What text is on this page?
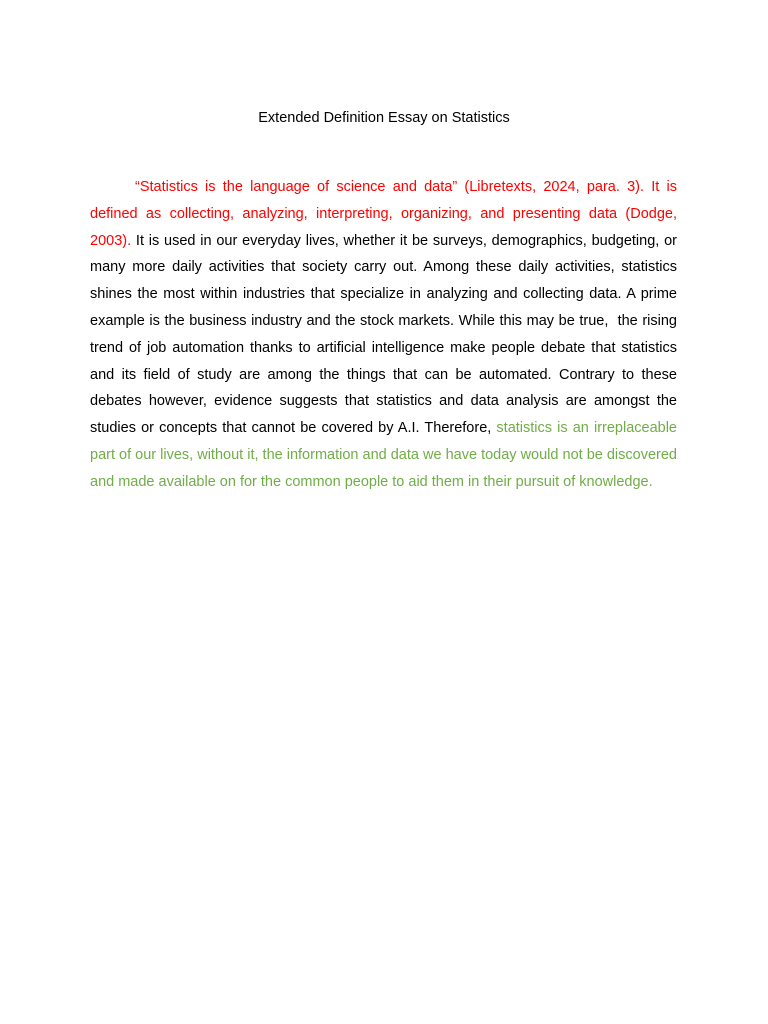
Extended Definition Essay on Statistics

“Statistics is the language of science and data” (Libretexts, 2024, para. 3). It is defined as collecting, analyzing, interpreting, organizing, and presenting data (Dodge, 2003). It is used in our everyday lives, whether it be surveys, demographics, budgeting, or many more daily activities that society carry out. Among these daily activities, statistics shines the most within industries that specialize in analyzing and collecting data. A prime example is the business industry and the stock markets. While this may be true,  the rising trend of job automation thanks to artificial intelligence make people debate that statistics and its field of study are among the things that can be automated. Contrary to these debates however, evidence suggests that statistics and data analysis are amongst the studies or concepts that cannot be covered by A.I. Therefore, statistics is an irreplaceable part of our lives, without it, the information and data we have today would not be discovered and made available on for the common people to aid them in their pursuit of knowledge.
